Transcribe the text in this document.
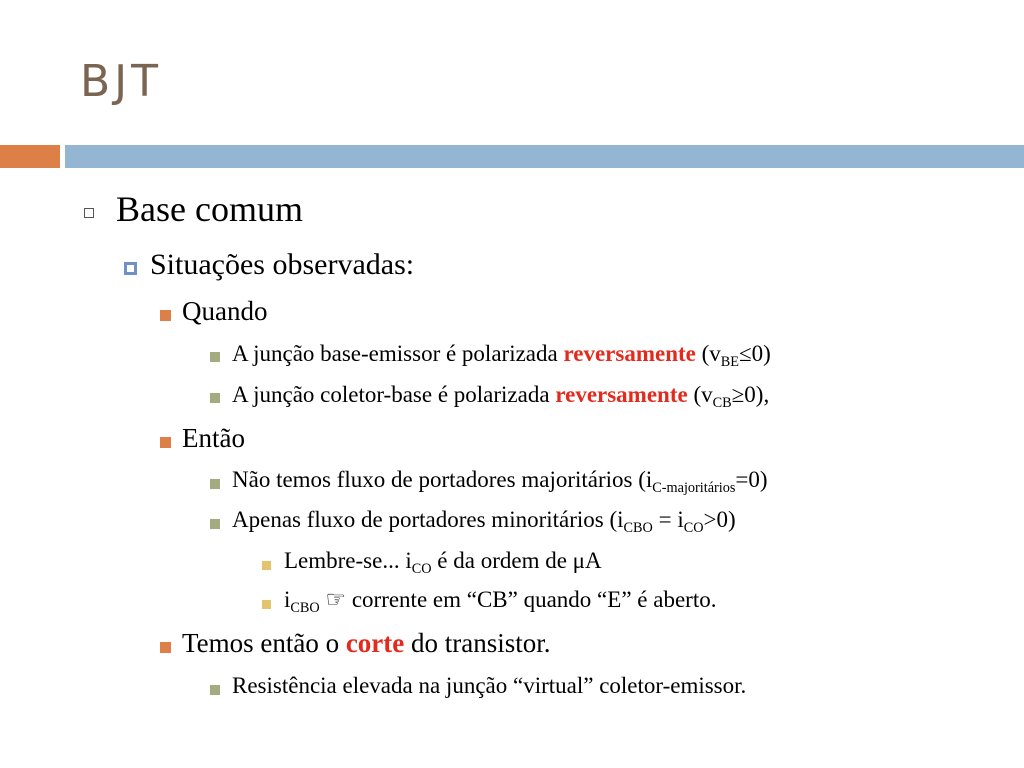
BJT
Base comum
Situações observadas:
Quando
A junção base-emissor é polarizada reversamente $(v_{BE}\le 0)$
A junção coletor-base é polarizada reversamente $(v_{CB}\ge 0)$,
Então
Não temos fluxo de portadores majoritários $(i_{C-majoritários}=0)$
Apenas fluxo de portadores minoritários $(i_{CBO} = i_{CO}>0)$
Lembre-se... $i_{CO}$ é da ordem de μA
$i_{CBO}$ ☞ corrente em “CB” quando “E” é aberto.
Temos então o corte do transistor.
Resistência elevada na junção “virtual” coletor-emissor.
